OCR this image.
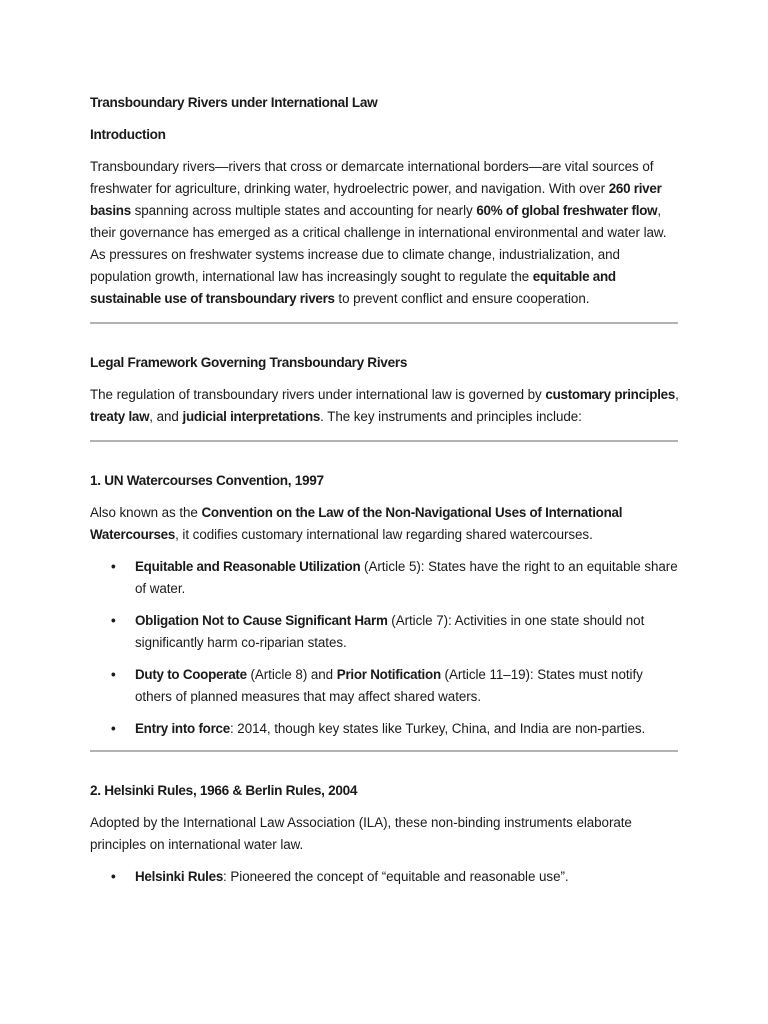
Transboundary Rivers under International Law
Introduction

Transboundary rivers—rivers that cross or demarcate international borders—are vital sources of freshwater for agriculture, drinking water, hydroelectric power, and navigation. With over 260 river basins spanning across multiple states and accounting for nearly 60% of global freshwater flow, their governance has emerged as a critical challenge in international environmental and water law. As pressures on freshwater systems increase due to climate change, industrialization, and population growth, international law has increasingly sought to regulate the equitable and sustainable use of transboundary rivers to prevent conflict and ensure cooperation.

Legal Framework Governing Transboundary Rivers

The regulation of transboundary rivers under international law is governed by customary principles, treaty law, and judicial interpretations. The key instruments and principles include:

1. UN Watercourses Convention, 1997

Also known as the Convention on the Law of the Non-Navigational Uses of International Watercourses, it codifies customary international law regarding shared watercourses.

• Equitable and Reasonable Utilization (Article 5): States have the right to an equitable share of water.
• Obligation Not to Cause Significant Harm (Article 7): Activities in one state should not significantly harm co-riparian states.
• Duty to Cooperate (Article 8) and Prior Notification (Article 11–19): States must notify others of planned measures that may affect shared waters.
• Entry into force: 2014, though key states like Turkey, China, and India are non-parties.
2. Helsinki Rules, 1966 & Berlin Rules, 2004

Adopted by the International Law Association (ILA), these non-binding instruments elaborate principles on international water law.

• Helsinki Rules: Pioneered the concept of “equitable and reasonable use”.
